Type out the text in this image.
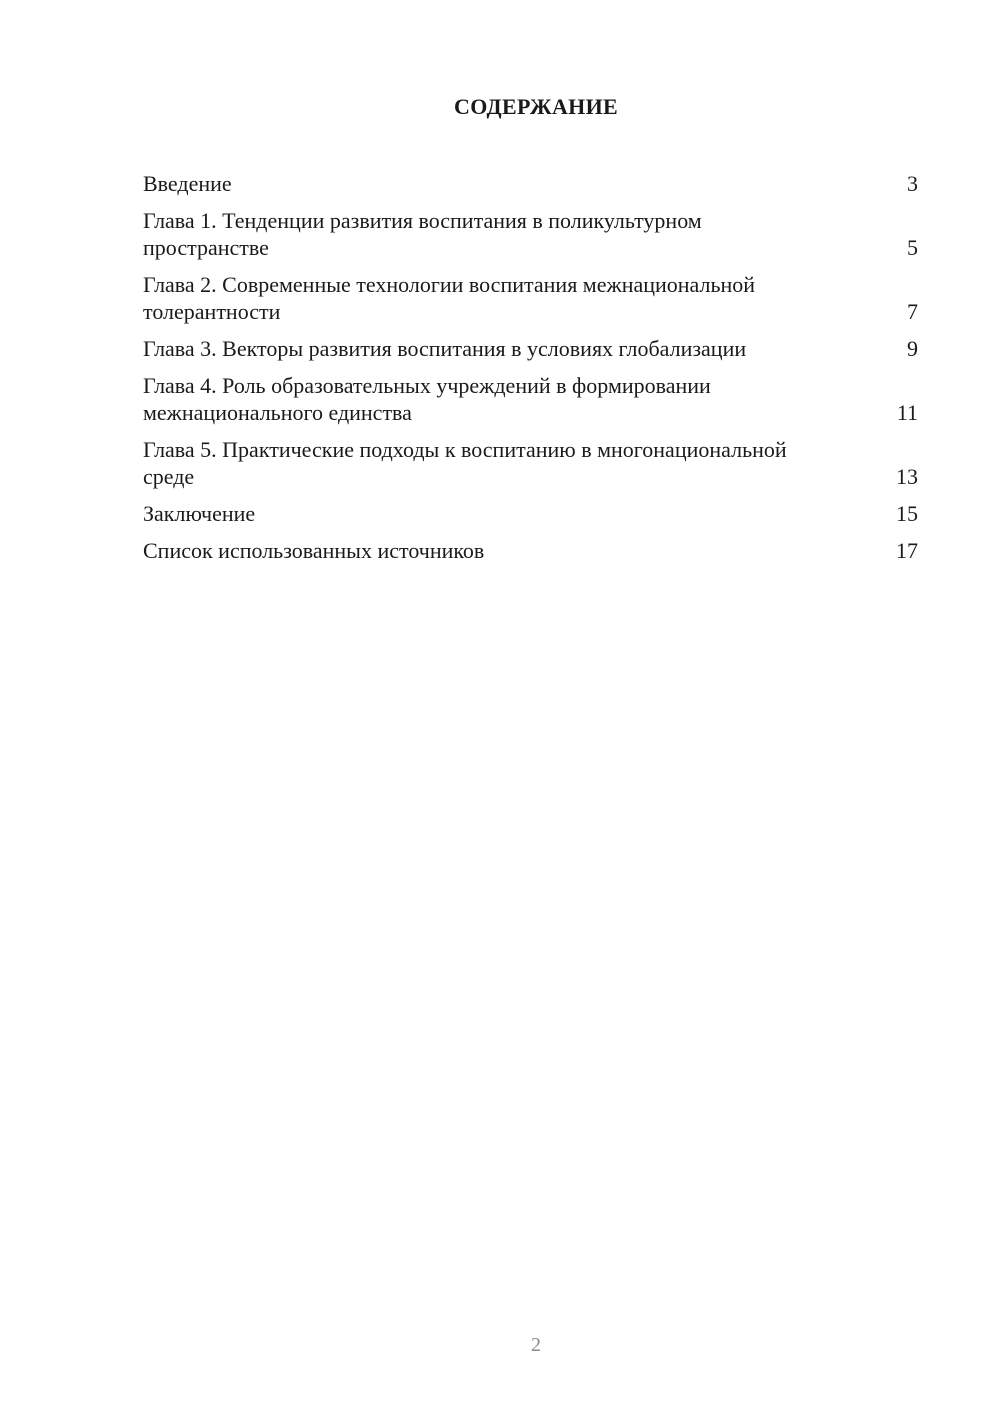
СОДЕРЖАНИЕ
Введение	3
Глава 1. Тенденции развития воспитания в поликультурном пространстве	5
Глава 2. Современные технологии воспитания межнациональной толерантности	7
Глава 3. Векторы развития воспитания в условиях глобализации	9
Глава 4. Роль образовательных учреждений в формировании межнационального единства	11
Глава 5. Практические подходы к воспитанию в многонациональной среде	13
Заключение	15
Список использованных источников	17
2
